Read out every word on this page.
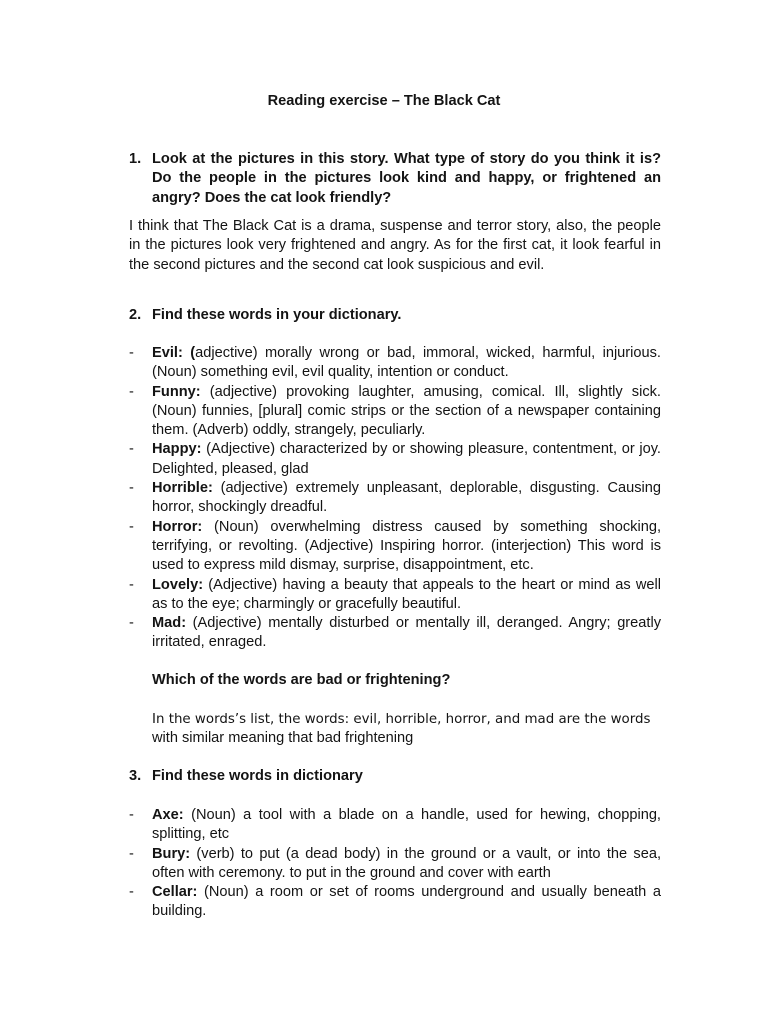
Reading exercise – The Black Cat
1. Look at the pictures in this story. What type of story do you think it is? Do the people in the pictures look kind and happy, or frightened an angry? Does the cat look friendly?

I think that The Black Cat is a drama, suspense and terror story, also, the people in the pictures look very frightened and angry. As for the first cat, it look fearful in the second pictures and the second cat look suspicious and evil.

2. Find these words in your dictionary.
- Evil: (adjective) morally wrong or bad, immoral, wicked, harmful, injurious. (Noun) something evil, evil quality, intention or conduct.
- Funny: (adjective) provoking laughter, amusing, comical. Ill, slightly sick. (Noun) funnies, [plural] comic strips or the section of a newspaper containing them. (Adverb) oddly, strangely, peculiarly.
- Happy: (Adjective) characterized by or showing pleasure, contentment, or joy. Delighted, pleased, glad
- Horrible: (adjective) extremely unpleasant, deplorable, disgusting. Causing horror, shockingly dreadful.
- Horror: (Noun) overwhelming distress caused by something shocking, terrifying, or revolting. (Adjective) Inspiring horror. (interjection) This word is used to express mild dismay, surprise, disappointment, etc.
- Lovely: (Adjective) having a beauty that appeals to the heart or mind as well as to the eye; charmingly or gracefully beautiful.
- Mad: (Adjective) mentally disturbed or mentally ill, deranged. Angry; greatly irritated, enraged.

Which of the words are bad or frightening?

In the words’s list, the words: evil, horrible, horror, and mad are the words
with similar meaning that bad frightening
3. Find these words in dictionary
- Axe: (Noun) a tool with a blade on a handle, used for hewing, chopping, splitting, etc
- Bury: (verb) to put (a dead body) in the ground or a vault, or into the sea, often with ceremony. to put in the ground and cover with earth
- Cellar: (Noun) a room or set of rooms underground and usually beneath a building.
